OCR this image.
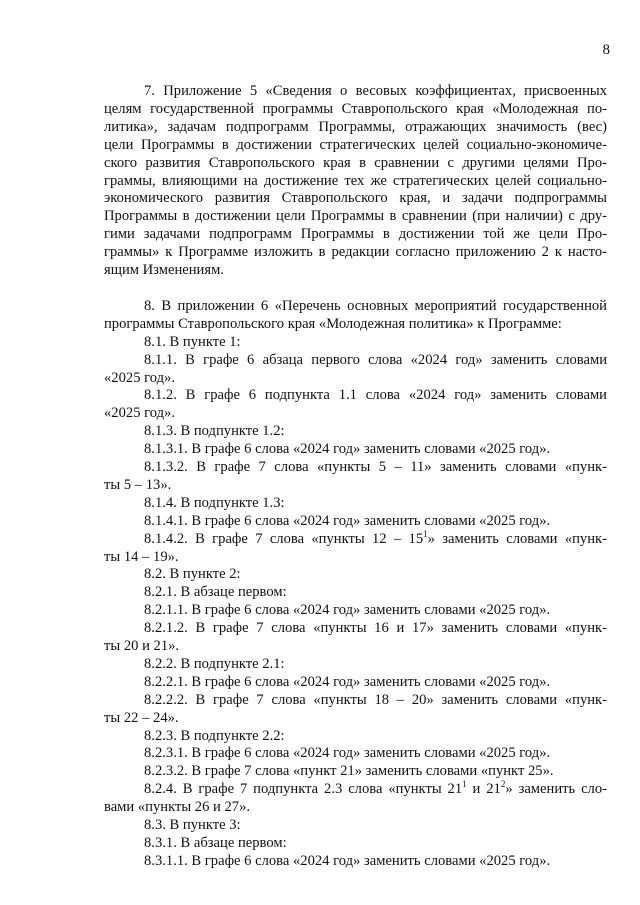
8
7. Приложение 5 «Сведения о весовых коэффициентах, присвоенных
целям государственной программы Ставропольского края «Молодежная по-
литика», задачам подпрограмм Программы, отражающих значимость (вес)
цели Программы в достижении стратегических целей социально-экономиче-
ского развития Ставропольского края в сравнении с другими целями Про-
граммы, влияющими на достижение тех же стратегических целей социально-
экономического развития Ставропольского края, и задачи подпрограммы
Программы в достижении цели Программы в сравнении (при наличии) с дру-
гими задачами подпрограмм Программы в достижении той же цели Про-
граммы» к Программе изложить в редакции согласно приложению 2 к насто-
ящим Изменениям.
8. В приложении 6 «Перечень основных мероприятий государственной
программы Ставропольского края «Молодежная политика» к Программе:
8.1. В пункте 1:
8.1.1. В графе 6 абзаца первого слова «2024 год» заменить словами
«2025 год».
8.1.2. В графе 6 подпункта 1.1 слова «2024 год» заменить словами
«2025 год».
8.1.3. В подпункте 1.2:
8.1.3.1. В графе 6 слова «2024 год» заменить словами «2025 год».
8.1.3.2. В графе 7 слова «пункты 5 – 11» заменить словами «пунк-
ты 5 – 13».
8.1.4. В подпункте 1.3:
8.1.4.1. В графе 6 слова «2024 год» заменить словами «2025 год».
8.1.4.2. В графе 7 слова «пункты $12 - 15^1$» заменить словами «пунк-
ты 14 – 19».
8.2. В пункте 2:
8.2.1. В абзаце первом:
8.2.1.1. В графе 6 слова «2024 год» заменить словами «2025 год».
8.2.1.2. В графе 7 слова «пункты 16 и 17» заменить словами «пунк-
ты 20 и 21».
8.2.2. В подпункте 2.1:
8.2.2.1. В графе 6 слова «2024 год» заменить словами «2025 год».
8.2.2.2. В графе 7 слова «пункты 18 – 20» заменить словами «пунк-
ты 22 – 24».
8.2.3. В подпункте 2.2:
8.2.3.1. В графе 6 слова «2024 год» заменить словами «2025 год».
8.2.3.2. В графе 7 слова «пункт 21» заменить словами «пункт 25».
8.2.4. В графе 7 подпункта 2.3 слова «пункты $21^1$ и $21^2$» заменить сло-
вами «пункты 26 и 27».
8.3. В пункте 3:
8.3.1. В абзаце первом:
8.3.1.1. В графе 6 слова «2024 год» заменить словами «2025 год».
